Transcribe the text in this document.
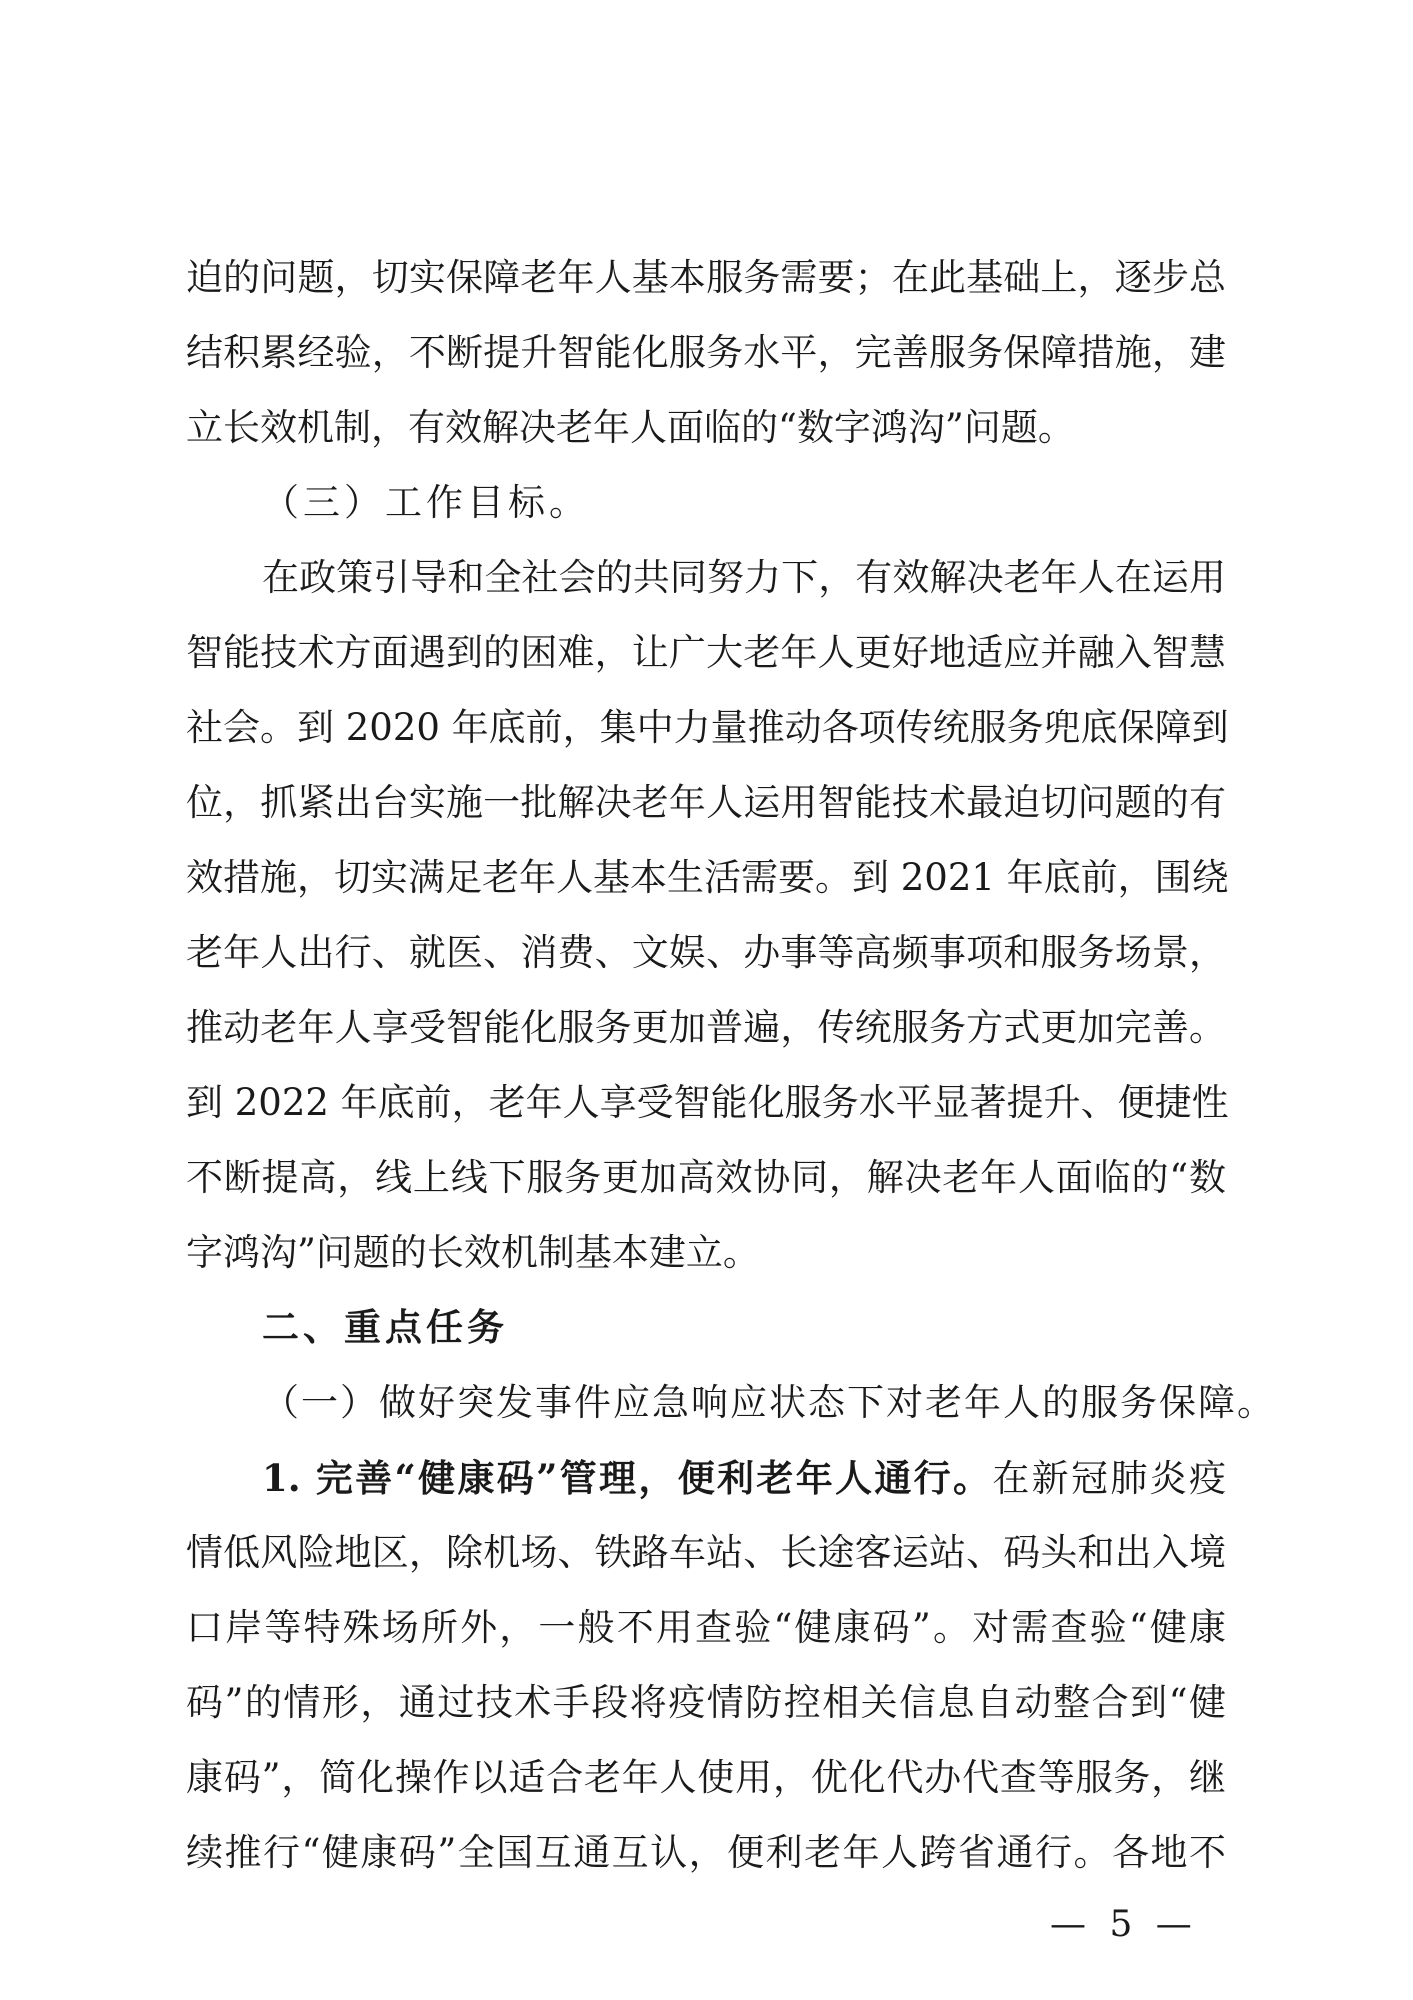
迫的问题，切实保障老年人基本服务需要；在此基础上，逐步总
结积累经验，不断提升智能化服务水平，完善服务保障措施，建
立长效机制，有效解决老年人面临的“数字鸿沟”问题。
（三）工作目标。
在政策引导和全社会的共同努力下，有效解决老年人在运用
智能技术方面遇到的困难，让广大老年人更好地适应并融入智慧
社会。到 2020 年底前，集中力量推动各项传统服务兜底保障到
位，抓紧出台实施一批解决老年人运用智能技术最迫切问题的有
效措施，切实满足老年人基本生活需要。到 2021 年底前，围绕
老年人出行、就医、消费、文娱、办事等高频事项和服务场景，
推动老年人享受智能化服务更加普遍，传统服务方式更加完善。
到 2022 年底前，老年人享受智能化服务水平显著提升、便捷性
不断提高，线上线下服务更加高效协同，解决老年人面临的“数
字鸿沟”问题的长效机制基本建立。
二、重点任务
（一）做好突发事件应急响应状态下对老年人的服务保障。
1. 完善“健康码”管理，便利老年人通行。在新冠肺炎疫
情低风险地区，除机场、铁路车站、长途客运站、码头和出入境
口岸等特殊场所外，一般不用查验“健康码”。对需查验“健康
码”的情形，通过技术手段将疫情防控相关信息自动整合到“健
康码”，简化操作以适合老年人使用，优化代办代查等服务，继
续推行“健康码”全国互通互认，便利老年人跨省通行。各地不
— 5 —
